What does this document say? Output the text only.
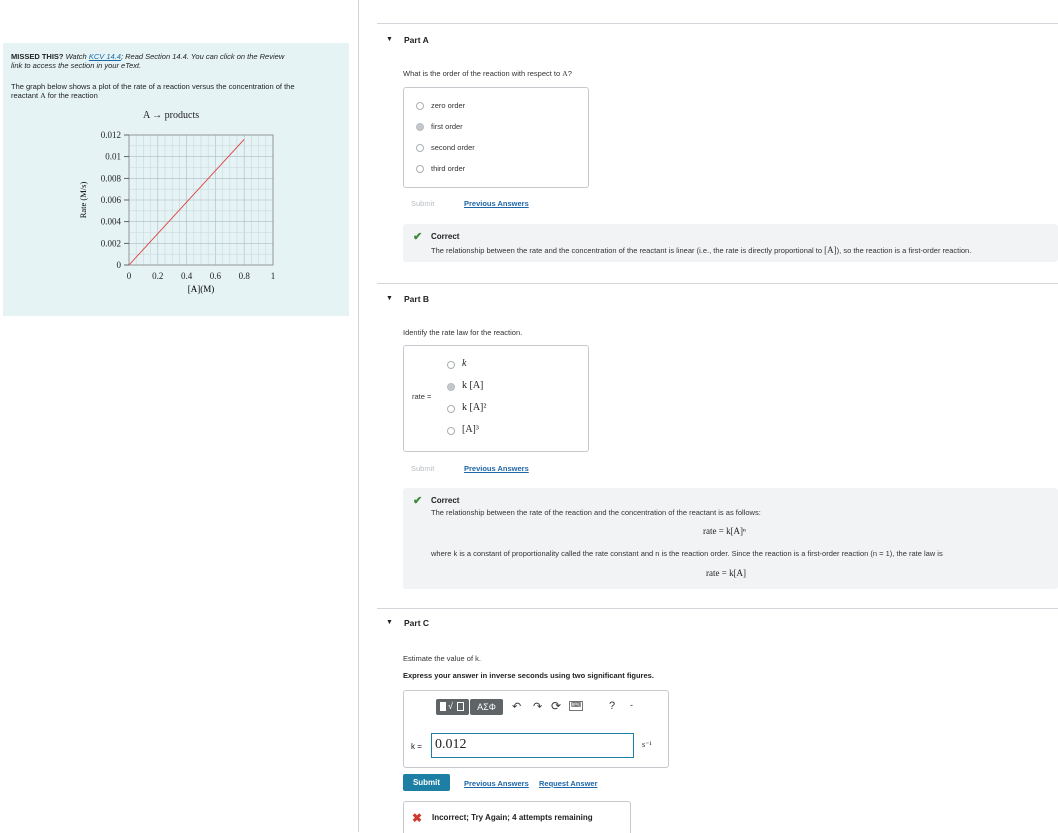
MISSED THIS? Watch KCV 14.4; Read Section 14.4. You can click on the Review
link to access the section in your eText.
The graph below shows a plot of the rate of a reaction versus the concentration of the
reactant A for the reaction
A → products
0
0.002
0.004
0.006
0.008
0.01
0.012
0 0.2 0.4 0.6 0.8 1
[A](M)
Rate (M/s)
▼ Part A
What is the order of the reaction with respect to A?
zero order
first order
second order
third order
Submit	Previous Answers
✔ Correct
The relationship between the rate and the concentration of the reactant is linear (i.e., the rate is directly proportional to [A]), so the reaction is a first-order reaction.
▼ Part B
Identify the rate law for the reaction.
rate =
k
k [A]
k [A]²
[A]³
Submit	Previous Answers
✔ Correct
The relationship between the rate of the reaction and the concentration of the reactant is as follows:
rate = k[A]ⁿ
where k is a constant of proportionality called the rate constant and n is the reaction order. Since the reaction is a first-order reaction (n = 1), the rate law is
rate = k[A]
▼ Part C
Estimate the value of k.
Express your answer in inverse seconds using two significant figures.
√	ΑΣΦ	↶ ↷ ⟳ ⌨	? -
k = 0.012	s⁻¹
Submit	Previous Answers Request Answer
✖ Incorrect; Try Again; 4 attempts remaining
